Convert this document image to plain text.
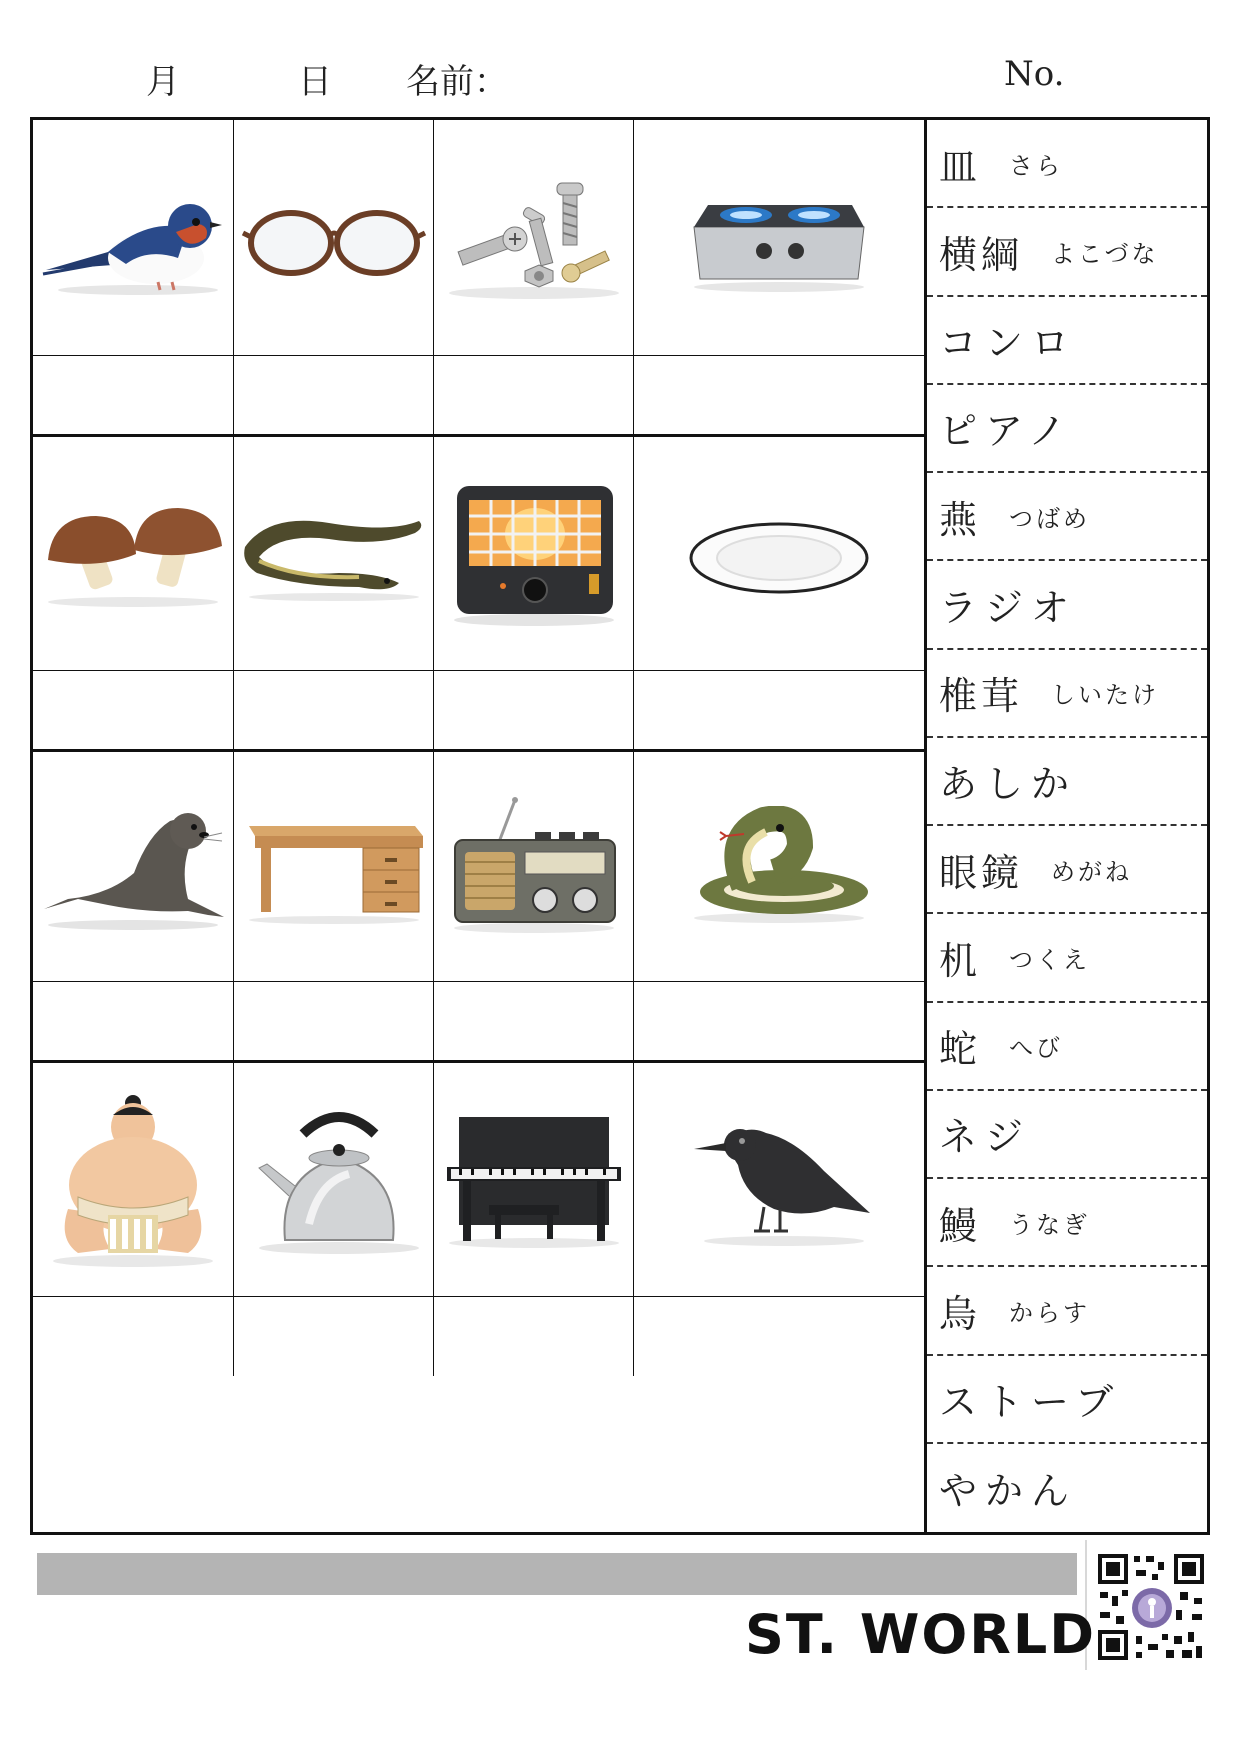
月	日 名前：	No.
皿 さら
横綱 よこづな
コンロ
ピアノ
燕 つばめ
ラジオ
椎茸 しいたけ
あしか
眼鏡 めがね
机 つくえ
蛇 へび
ネジ
鰻 うなぎ
烏 からす
ストーブ
やかん
ST. WORLD
